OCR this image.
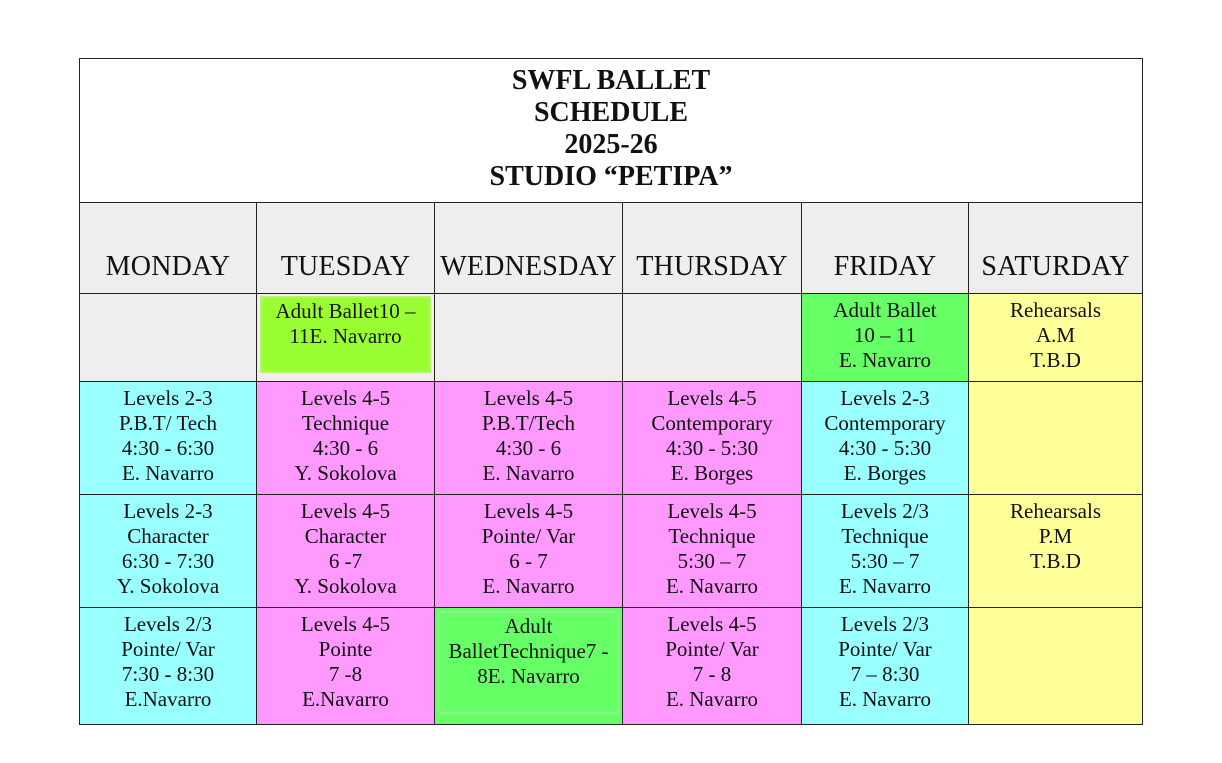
SWFL BALLET
SCHEDULE
2025-26
STUDIO “PETIPA”					

MONDAY	TUESDAY	WEDNESDAY	THURSDAY	FRIDAY	SATURDAY

	Adult Ballet10 – 11E. Navarro			Adult Ballet
10 – 11
E. Navarro	Rehearsals
A.M
T.B.D

Levels 2-3
P.B.T/ Tech
4:30 - 6:30
E. Navarro	Levels 4-5
Technique
4:30 - 6
Y. Sokolova	Levels 4-5
P.B.T/Tech
4:30 - 6
E. Navarro	Levels 4-5
Contemporary
4:30 - 5:30
E. Borges	Levels 2-3
Contemporary
4:30 - 5:30
E. Borges	

Levels 2-3
Character
6:30 - 7:30
Y. Sokolova	Levels 4-5
Character
6 -7
Y. Sokolova	Levels 4-5
Pointe/ Var
6 - 7
E. Navarro	Levels 4-5
Technique
5:30 – 7
E. Navarro	Levels 2/3
Technique
5:30 – 7
E. Navarro	Rehearsals
P.M
T.B.D

Levels 2/3
Pointe/ Var
7:30 - 8:30
E.Navarro	Levels 4-5
Pointe
7 -8
E.Navarro	Adult BalletTechnique7 - 8E. Navarro	Levels 4-5
Pointe/ Var
7 - 8
E. Navarro	Levels 2/3
Pointe/ Var
7 – 8:30
E. Navarro	
